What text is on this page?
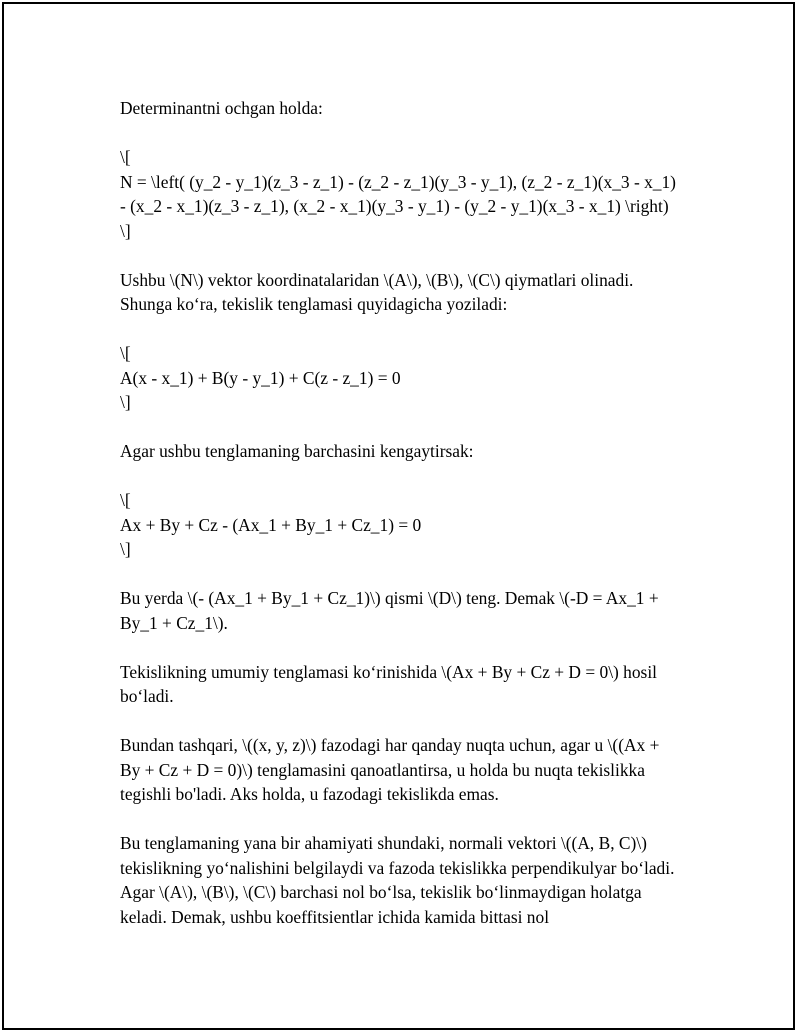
Determinantni ochgan holda:

\[

N = \left( (y_2 - y_1)(z_3 - z_1) - (z_2 - z_1)(y_3 - y_1), (z_2 - z_1)(x_3 - x_1) - (x_2 - x_1)(z_3 - z_1), (x_2 - x_1)(y_3 - y_1) - (y_2 - y_1)(x_3 - x_1) \right)

\]

Ushbu \(N\) vektor koordinatalaridan \(A\), \(B\), \(C\) qiymatlari olinadi. Shunga ko‘ra, tekislik tenglamasi quyidagicha yoziladi:

\[

A(x - x_1) + B(y - y_1) + C(z - z_1) = 0

\]

Agar ushbu tenglamaning barchasini kengaytirsak:

\[

Ax + By + Cz - (Ax_1 + By_1 + Cz_1) = 0

\]

Bu yerda \(- (Ax_1 + By_1 + Cz_1)\) qismi \(D\) teng. Demak \(-D = Ax_1 + By_1 + Cz_1\).

Tekislikning umumiy tenglamasi ko‘rinishida \(Ax + By + Cz + D = 0\) hosil bo‘ladi.

Bundan tashqari, \((x, y, z)\) fazodagi har qanday nuqta uchun, agar u \((Ax + By + Cz + D = 0)\) tenglamasini qanoatlantirsa, u holda bu nuqta tekislikka tegishli bo'ladi. Aks holda, u fazodagi tekislikda emas.

Bu tenglamaning yana bir ahamiyati shundaki, normali vektori \((A, B, C)\) tekislikning yo‘nalishini belgilaydi va fazoda tekislikka perpendikulyar bo‘ladi. Agar \(A\), \(B\), \(C\) barchasi nol bo‘lsa, tekislik bo‘linmaydigan holatga keladi. Demak, ushbu koeffitsientlar ichida kamida bittasi nol
